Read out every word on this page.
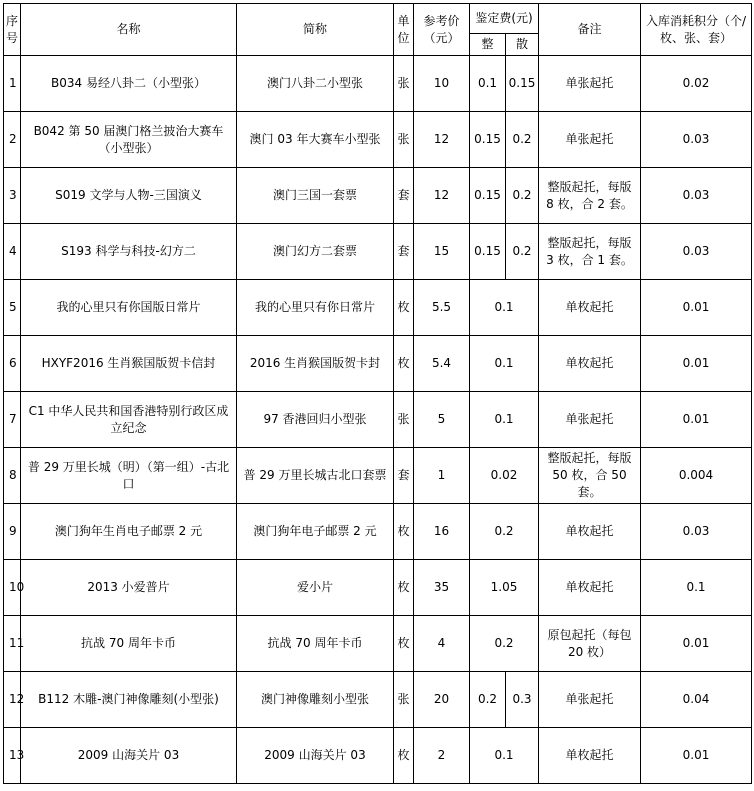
序号	名称	简称	单位	参考价（元）	鉴定费(元)		备注	入库消耗积分（个/枚、张、套）
					整	散		
1	B034 易经八卦二（小型张）	澳门八卦二小型张	张	10	0.1	0.15	单张起托	0.02
2	B042 第 50 届澳门格兰披治大赛车（小型张）	澳门 03 年大赛车小型张	张	12	0.15	0.2	单张起托	0.03
3	S019 文学与人物-三国演义	澳门三国一套票	套	12	0.15	0.2	整版起托，每版 8 枚，合 2 套。	0.03
4	S193 科学与科技-幻方二	澳门幻方二套票	套	15	0.15	0.2	整版起托，每版 3 枚，合 1 套。	0.03
5	我的心里只有你国版日常片	我的心里只有你日常片	枚	5.5	0.1		单枚起托	0.01
6	HXYF2016 生肖猴国版贺卡信封	2016 生肖猴国版贺卡封	枚	5.4	0.1		单枚起托	0.01
7	C1 中华人民共和国香港特别行政区成立纪念	97 香港回归小型张	张	5	0.1		单张起托	0.01
8	普 29 万里长城（明）（第一组）-古北口	普 29 万里长城古北口套票	套	1	0.02		整版起托，每版 50 枚，合 50 套。	0.004
9	澳门狗年生肖电子邮票 2 元	澳门狗年电子邮票 2 元	枚	16	0.2		单枚起托	0.03
10	2013 小爱普片	爱小片	枚	35	1.05		单枚起托	0.1
11	抗战 70 周年卡币	抗战 70 周年卡币	枚	4	0.2		原包起托（每包 20 枚）	0.01
12	B112 木雕-澳门神像雕刻(小型张)	澳门神像雕刻小型张	张	20	0.2	0.3	单张起托	0.04
13	2009 山海关片 03	2009 山海关片 03	枚	2	0.1		单枚起托	0.01
